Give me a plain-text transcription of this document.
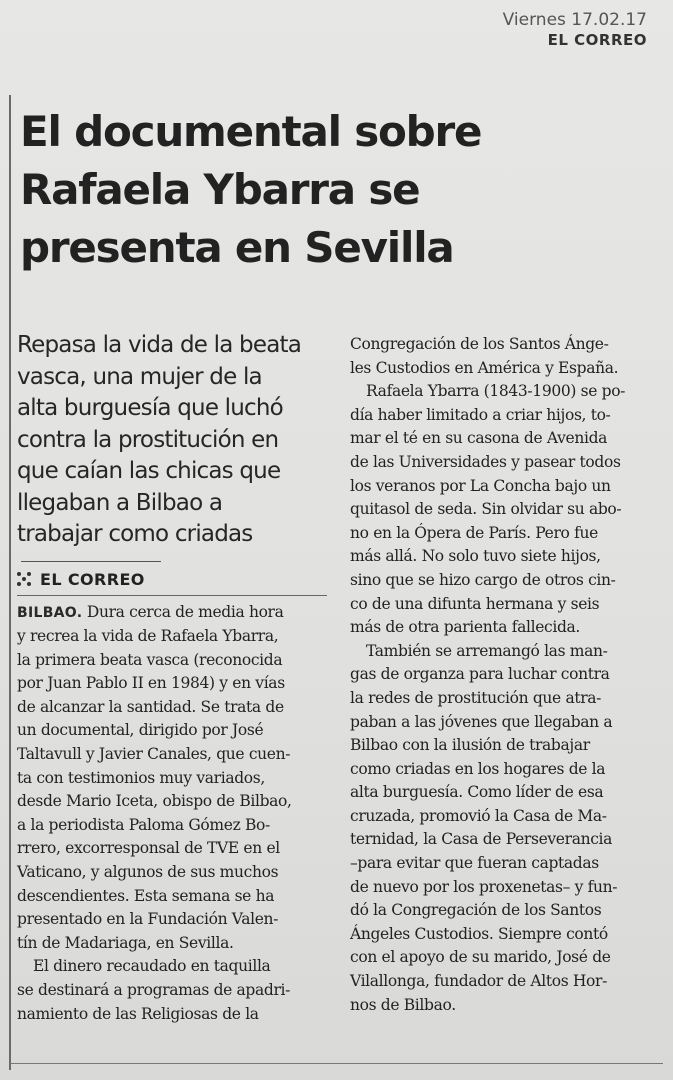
Viernes 17.02.17
EL CORREO
El documental sobre
Rafaela Ybarra se
presenta en Sevilla
Repasa la vida de la beata
vasca, una mujer de la
alta burguesía que luchó
contra la prostitución en
que caían las chicas que
llegaban a Bilbao a
trabajar como criadas
EL CORREO
BILBAO. Dura cerca de media hora
y recrea la vida de Rafaela Ybarra,
la primera beata vasca (reconocida
por Juan Pablo II en 1984) y en vías
de alcanzar la santidad. Se trata de
un documental, dirigido por José
Taltavull y Javier Canales, que cuen-
ta con testimonios muy variados,
desde Mario Iceta, obispo de Bilbao,
a la periodista Paloma Gómez Bo-
rrero, excorresponsal de TVE en el
Vaticano, y algunos de sus muchos
descendientes. Esta semana se ha
presentado en la Fundación Valen-
tín de Madariaga, en Sevilla.
El dinero recaudado en taquilla
se destinará a programas de apadri-
namiento de las Religiosas de la
Congregación de los Santos Ánge-
les Custodios en América y España.
Rafaela Ybarra (1843-1900) se po-
día haber limitado a criar hijos, to-
mar el té en su casona de Avenida
de las Universidades y pasear todos
los veranos por La Concha bajo un
quitasol de seda. Sin olvidar su abo-
no en la Ópera de París. Pero fue
más allá. No solo tuvo siete hijos,
sino que se hizo cargo de otros cin-
co de una difunta hermana y seis
más de otra parienta fallecida.
También se arremangó las man-
gas de organza para luchar contra
la redes de prostitución que atra-
paban a las jóvenes que llegaban a
Bilbao con la ilusión de trabajar
como criadas en los hogares de la
alta burguesía. Como líder de esa
cruzada, promovió la Casa de Ma-
ternidad, la Casa de Perseverancia
–para evitar que fueran captadas
de nuevo por los proxenetas– y fun-
dó la Congregación de los Santos
Ángeles Custodios. Siempre contó
con el apoyo de su marido, José de
Vilallonga, fundador de Altos Hor-
nos de Bilbao.
